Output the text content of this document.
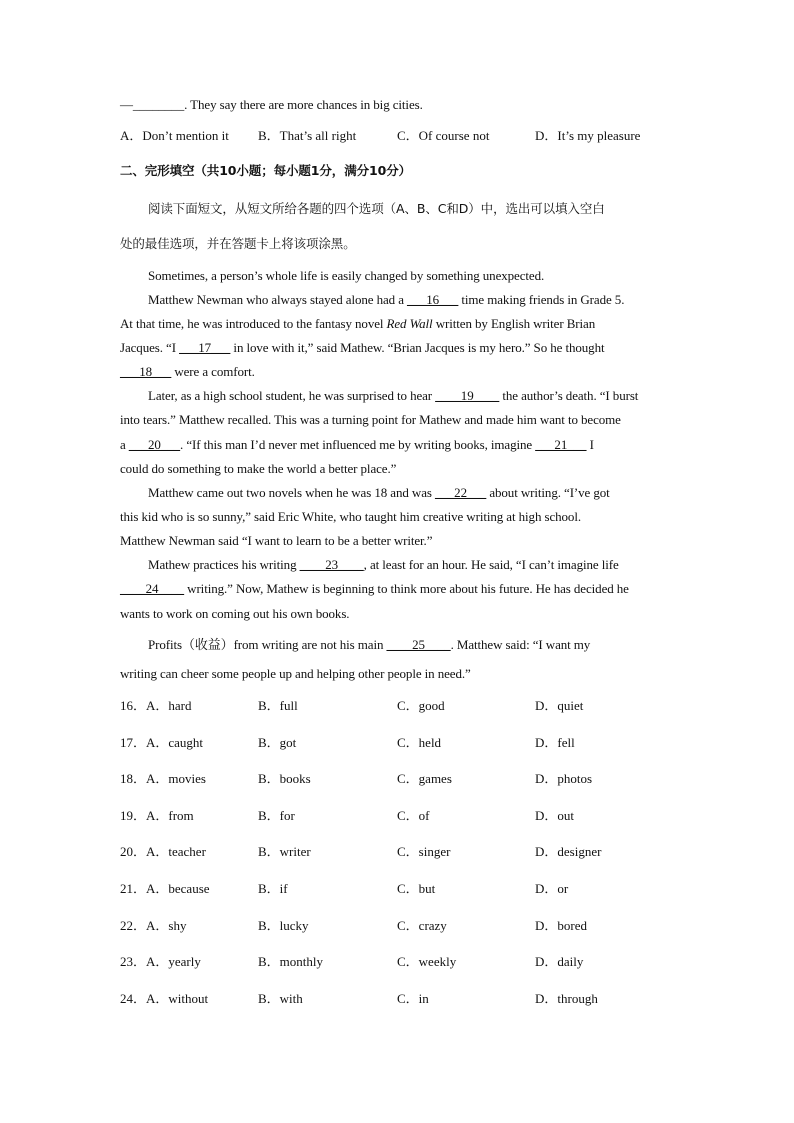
—________. They say there are more chances in big cities.
A．Don’t mention it B．That’s all right	C．Of course not	D．It’s my pleasure
二、完形填空（共10小题；每小题1分，满分10分）
阅读下面短文，从短文所给各题的四个选项（A、B、C和D）中，选出可以填入空白
处的最佳选项，并在答题卡上将该项涂黑。
Sometimes, a person’s whole life is easily changed by something unexpected.
Matthew Newman who always stayed alone had a ___16___ time making friends in Grade 5.
At that time, he was introduced to the fantasy novel Red Wall written by English writer Brian
Jacques. “I ___17___ in love with it,” said Mathew. “Brian Jacques is my hero.” So he thought
___18___ were a comfort.
Later, as a high school student, he was surprised to hear ____19____ the author’s death. “I burst
into tears.” Matthew recalled. This was a turning point for Mathew and made him want to become
a ___20___. “If this man I’d never met influenced me by writing books, imagine ___21___ I
could do something to make the world a better place.”
Matthew came out two novels when he was 18 and was ___22___ about writing. “I’ve got
this kid who is so sunny,” said Eric White, who taught him creative writing at high school.
Matthew Newman said “I want to learn to be a better writer.”
Mathew practices his writing ____23____, at least for an hour. He said, “I can’t imagine life
____24____ writing.” Now, Mathew is beginning to think more about his future. He has decided he
wants to work on coming out his own books.
Profits（收益）from writing are not his main ____25____. Matthew said: “I want my
writing can cheer some people up and helping other people in need.”
16．A．hard	B．full	C．good	D．quiet
17．A．caught	B．got	C．held	D．fell
18．A．movies	B．books	C．games	D．photos
19．A．from	B．for	C．of	D．out
20．A．teacher	B．writer	C．singer	D．designer
21．A．because	B．if	C．but	D．or
22．A．shy	B．lucky	C．crazy	D．bored
23．A．yearly	B．monthly	C．weekly	D．daily
24．A．without	B．with	C．in	D．through
